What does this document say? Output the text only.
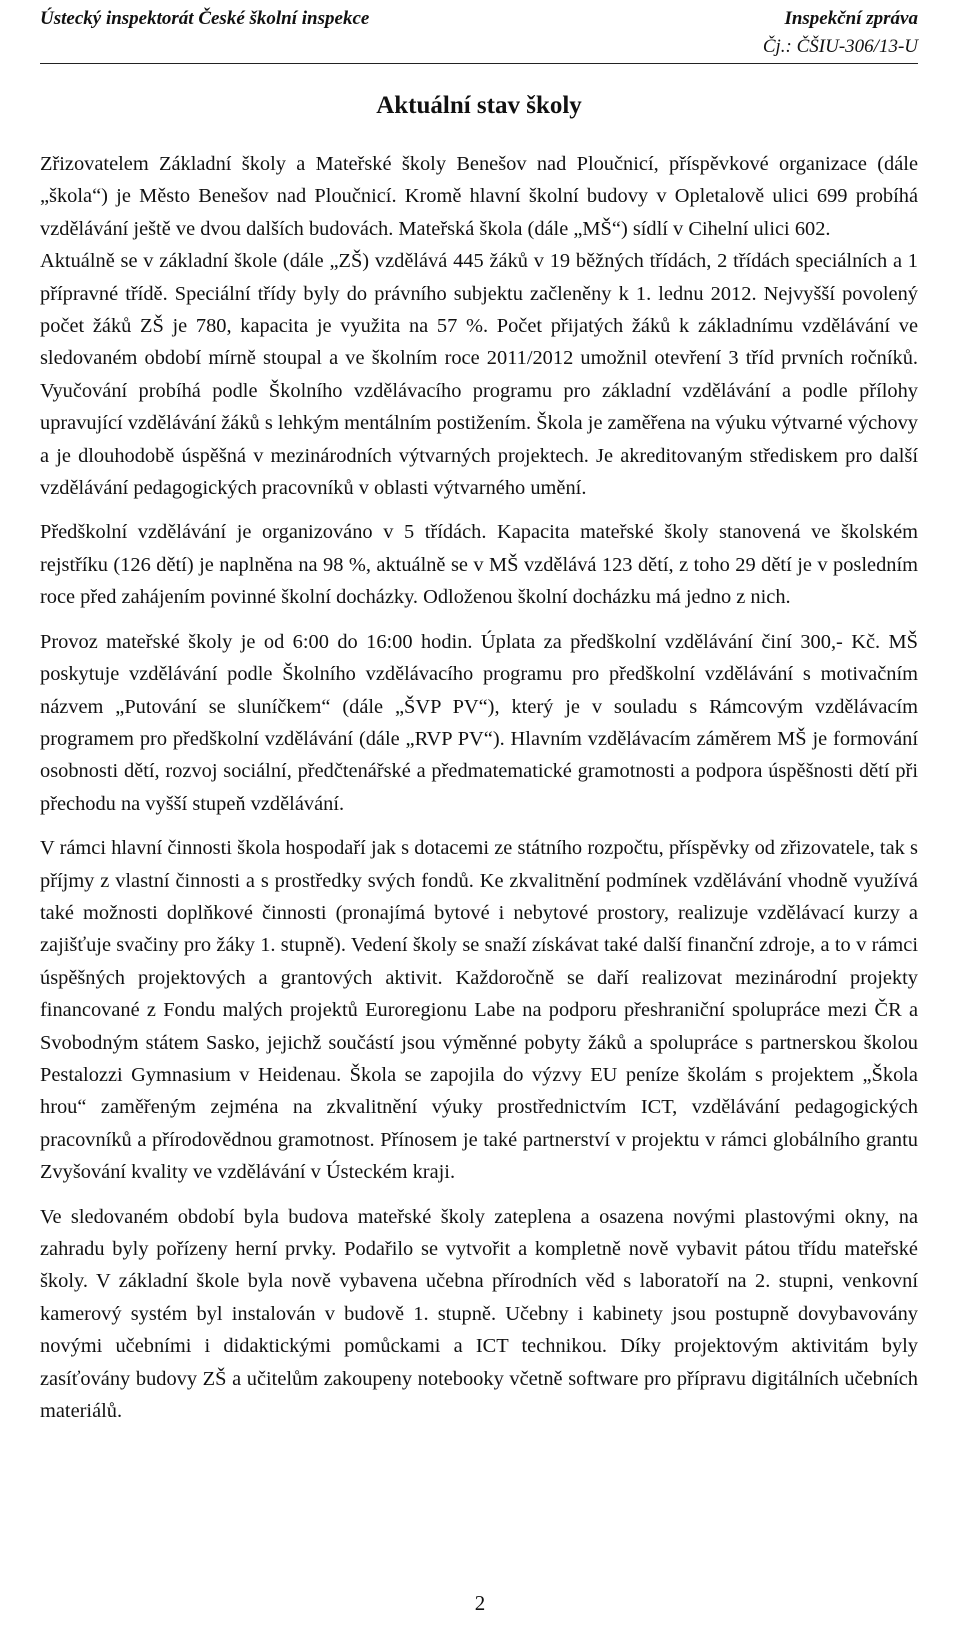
Ústecký inspektorát České školní inspekce	Inspekční zpráva
Čj.: ČŠIU-306/13-U
Aktuální stav školy

Zřizovatelem Základní školy a Mateřské školy Benešov nad Ploučnicí, příspěvkové organizace (dále „škola“) je Město Benešov nad Ploučnicí. Kromě hlavní školní budovy v Opletalově ulici 699 probíhá vzdělávání ještě ve dvou dalších budovách. Mateřská škola (dále „MŠ“) sídlí v Cihelní ulici 602.

Aktuálně se v základní škole (dále „ZŠ) vzdělává 445 žáků v 19 běžných třídách, 2 třídách speciálních a 1 přípravné třídě. Speciální třídy byly do právního subjektu začleněny k 1. lednu 2012. Nejvyšší povolený počet žáků ZŠ je 780, kapacita je využita na 57 %. Počet přijatých žáků k základnímu vzdělávání ve sledovaném období mírně stoupal a ve školním roce 2011/2012 umožnil otevření 3 tříd prvních ročníků. Vyučování probíhá podle Školního vzdělávacího programu pro základní vzdělávání a podle přílohy upravující vzdělávání žáků s lehkým mentálním postižením. Škola je zaměřena na výuku výtvarné výchovy a je dlouhodobě úspěšná v mezinárodních výtvarných projektech. Je akreditovaným střediskem pro další vzdělávání pedagogických pracovníků v oblasti výtvarného umění.

Předškolní vzdělávání je organizováno v 5 třídách. Kapacita mateřské školy stanovená ve školském rejstříku (126 dětí) je naplněna na 98 %, aktuálně se v MŠ vzdělává 123 dětí, z toho 29 dětí je v posledním roce před zahájením povinné školní docházky. Odloženou školní docházku má jedno z nich.

Provoz mateřské školy je od 6:00 do 16:00 hodin. Úplata za předškolní vzdělávání činí 300,- Kč. MŠ poskytuje vzdělávání podle Školního vzdělávacího programu pro předškolní vzdělávání s motivačním názvem „Putování se sluníčkem“ (dále „ŠVP PV“), který je v souladu s Rámcovým vzdělávacím programem pro předškolní vzdělávání (dále „RVP PV“). Hlavním vzdělávacím záměrem MŠ je formování osobnosti dětí, rozvoj sociální, předčtenářské a předmatematické gramotnosti a podpora úspěšnosti dětí při přechodu na vyšší stupeň vzdělávání.

V rámci hlavní činnosti škola hospodaří jak s dotacemi ze státního rozpočtu, příspěvky od zřizovatele, tak s příjmy z vlastní činnosti a s prostředky svých fondů. Ke zkvalitnění podmínek vzdělávání vhodně využívá také možnosti doplňkové činnosti (pronajímá bytové i nebytové prostory, realizuje vzdělávací kurzy a zajišťuje svačiny pro žáky 1. stupně). Vedení školy se snaží získávat také další finanční zdroje, a to v rámci úspěšných projektových a grantových aktivit. Každoročně se daří realizovat mezinárodní projekty financované z Fondu malých projektů Euroregionu Labe na podporu přeshraniční spolupráce mezi ČR a Svobodným státem Sasko, jejichž součástí jsou výměnné pobyty žáků a spolupráce s partnerskou školou Pestalozzi Gymnasium v Heidenau. Škola se zapojila do výzvy EU peníze školám s projektem „Škola hrou“ zaměřeným zejména na zkvalitnění výuky prostřednictvím ICT, vzdělávání pedagogických pracovníků a přírodovědnou gramotnost. Přínosem je také partnerství v projektu v rámci globálního grantu Zvyšování kvality ve vzdělávání v Ústeckém kraji.

Ve sledovaném období byla budova mateřské školy zateplena a osazena novými plastovými okny, na zahradu byly pořízeny herní prvky. Podařilo se vytvořit a kompletně nově vybavit pátou třídu mateřské školy. V základní škole byla nově vybavena učebna přírodních věd s laboratoří na 2. stupni, venkovní kamerový systém byl instalován v budově 1. stupně. Učebny i kabinety jsou postupně dovybavovány novými učebními i didaktickými pomůckami a ICT technikou. Díky projektovým aktivitám byly zasíťovány budovy ZŠ a učitelům zakoupeny notebooky včetně software pro přípravu digitálních učebních materiálů.

2
